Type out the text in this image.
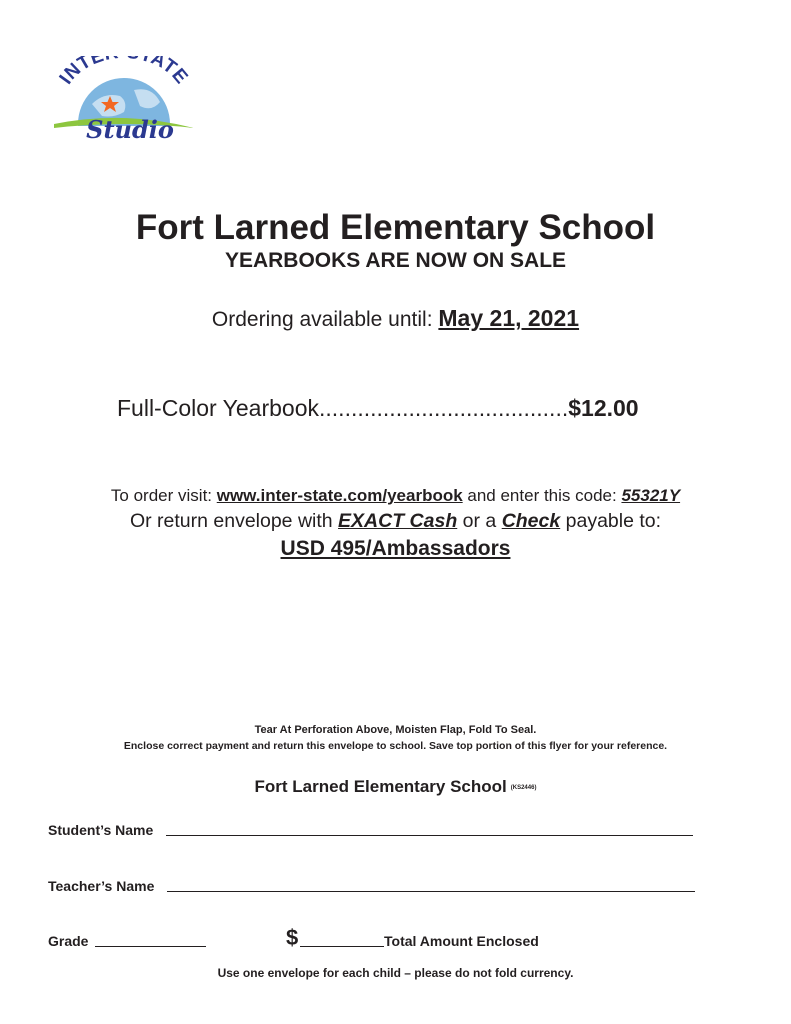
INTE ATE
Studio
Fort Larned Elementary School
YEARBOOKS ARE NOW ON SALE
Ordering available until: May 21, 2021
Full-Color Yearbook.......................................$12.00
To order visit: www.inter-state.com/yearbook and enter this code: 55321Y
Or return envelope with EXACT Cash or a Check payable to:
USD 495/Ambassadors
Tear At Perforation Above, Moisten Flap, Fold To Seal.
Enclose correct payment and return this envelope to school. Save top portion of this flyer for your reference.
Fort Larned Elementary School (KS2446)
Student’s Name
Teacher’s Name
Grade	$	Total Amount Enclosed
Use one envelope for each child – please do not fold currency.
